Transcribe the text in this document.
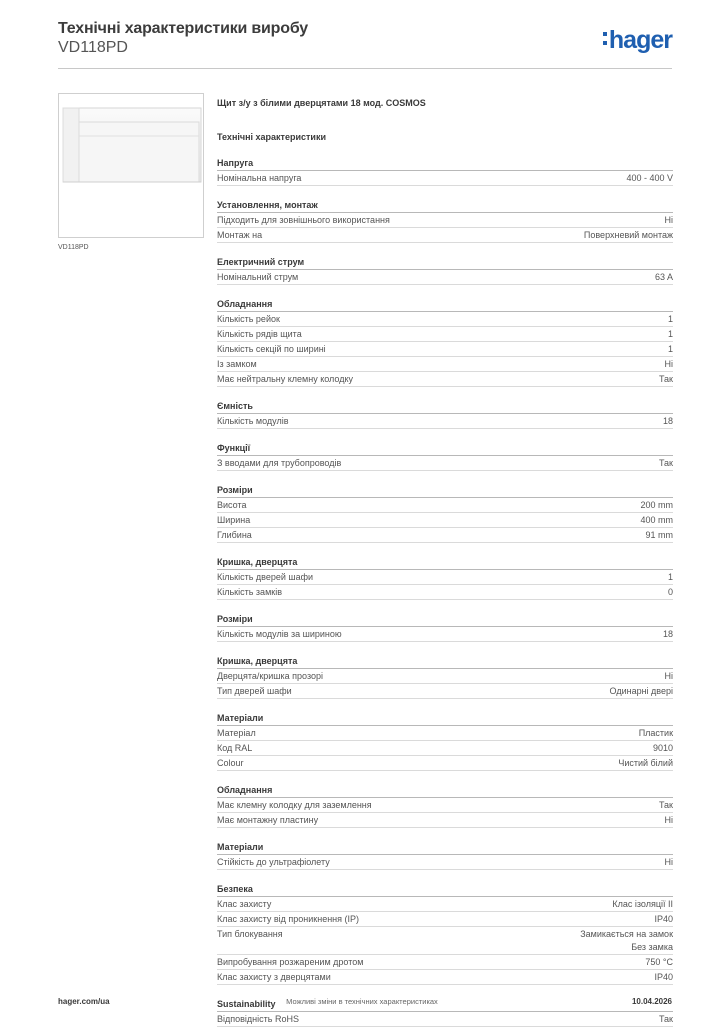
Технічні характеристики виробу
VD118PD	hager
VD118PD
Щит з/у з білими дверцятами 18 мод. COSMOS
Технічні характеристики
Напруга
Номінальна напруга	400 - 400 V
Установлення, монтаж
Підходить для зовнішнього використання	Ні
Монтаж на	Поверхневий монтаж
Електричний струм
Номінальний струм	63 A
Обладнання
Кількість рейок	1
Кількість рядів щита	1
Кількість секцій по ширині	1
Із замком	Ні
Має нейтральну клемну колодку	Так
Ємність
Кількість модулів	18
Функції
З вводами для трубопроводів	Так
Розміри
Висота	200 mm
Ширина	400 mm
Глибина	91 mm
Кришка, дверцята
Кількість дверей шафи	1
Кількість замків	0
Розміри
Кількість модулів за шириною	18
Кришка, дверцята
Дверцята/кришка прозорі	Ні
Тип дверей шафи	Одинарні двері
Матеріали
Матеріал	Пластик
Код RAL	9010
Colour	Чистий білий
Обладнання
Має клемну колодку для заземлення	Так
Має монтажну пластину	Ні
Матеріали
Стійкість до ультрафіолету	Ні
Безпека
Клас захисту	Клас ізоляції II
Клас захисту від проникнення (IP)	IP40
Тип блокування	Замикається на замок
Без замка
Випробування розжареним дротом	750 °C
Клас захисту з дверцятами	IP40
Sustainability
Відповідність RoHS	Так
hager.com/ua	Можливі зміни в технічних характеристиках	10.04.2026
